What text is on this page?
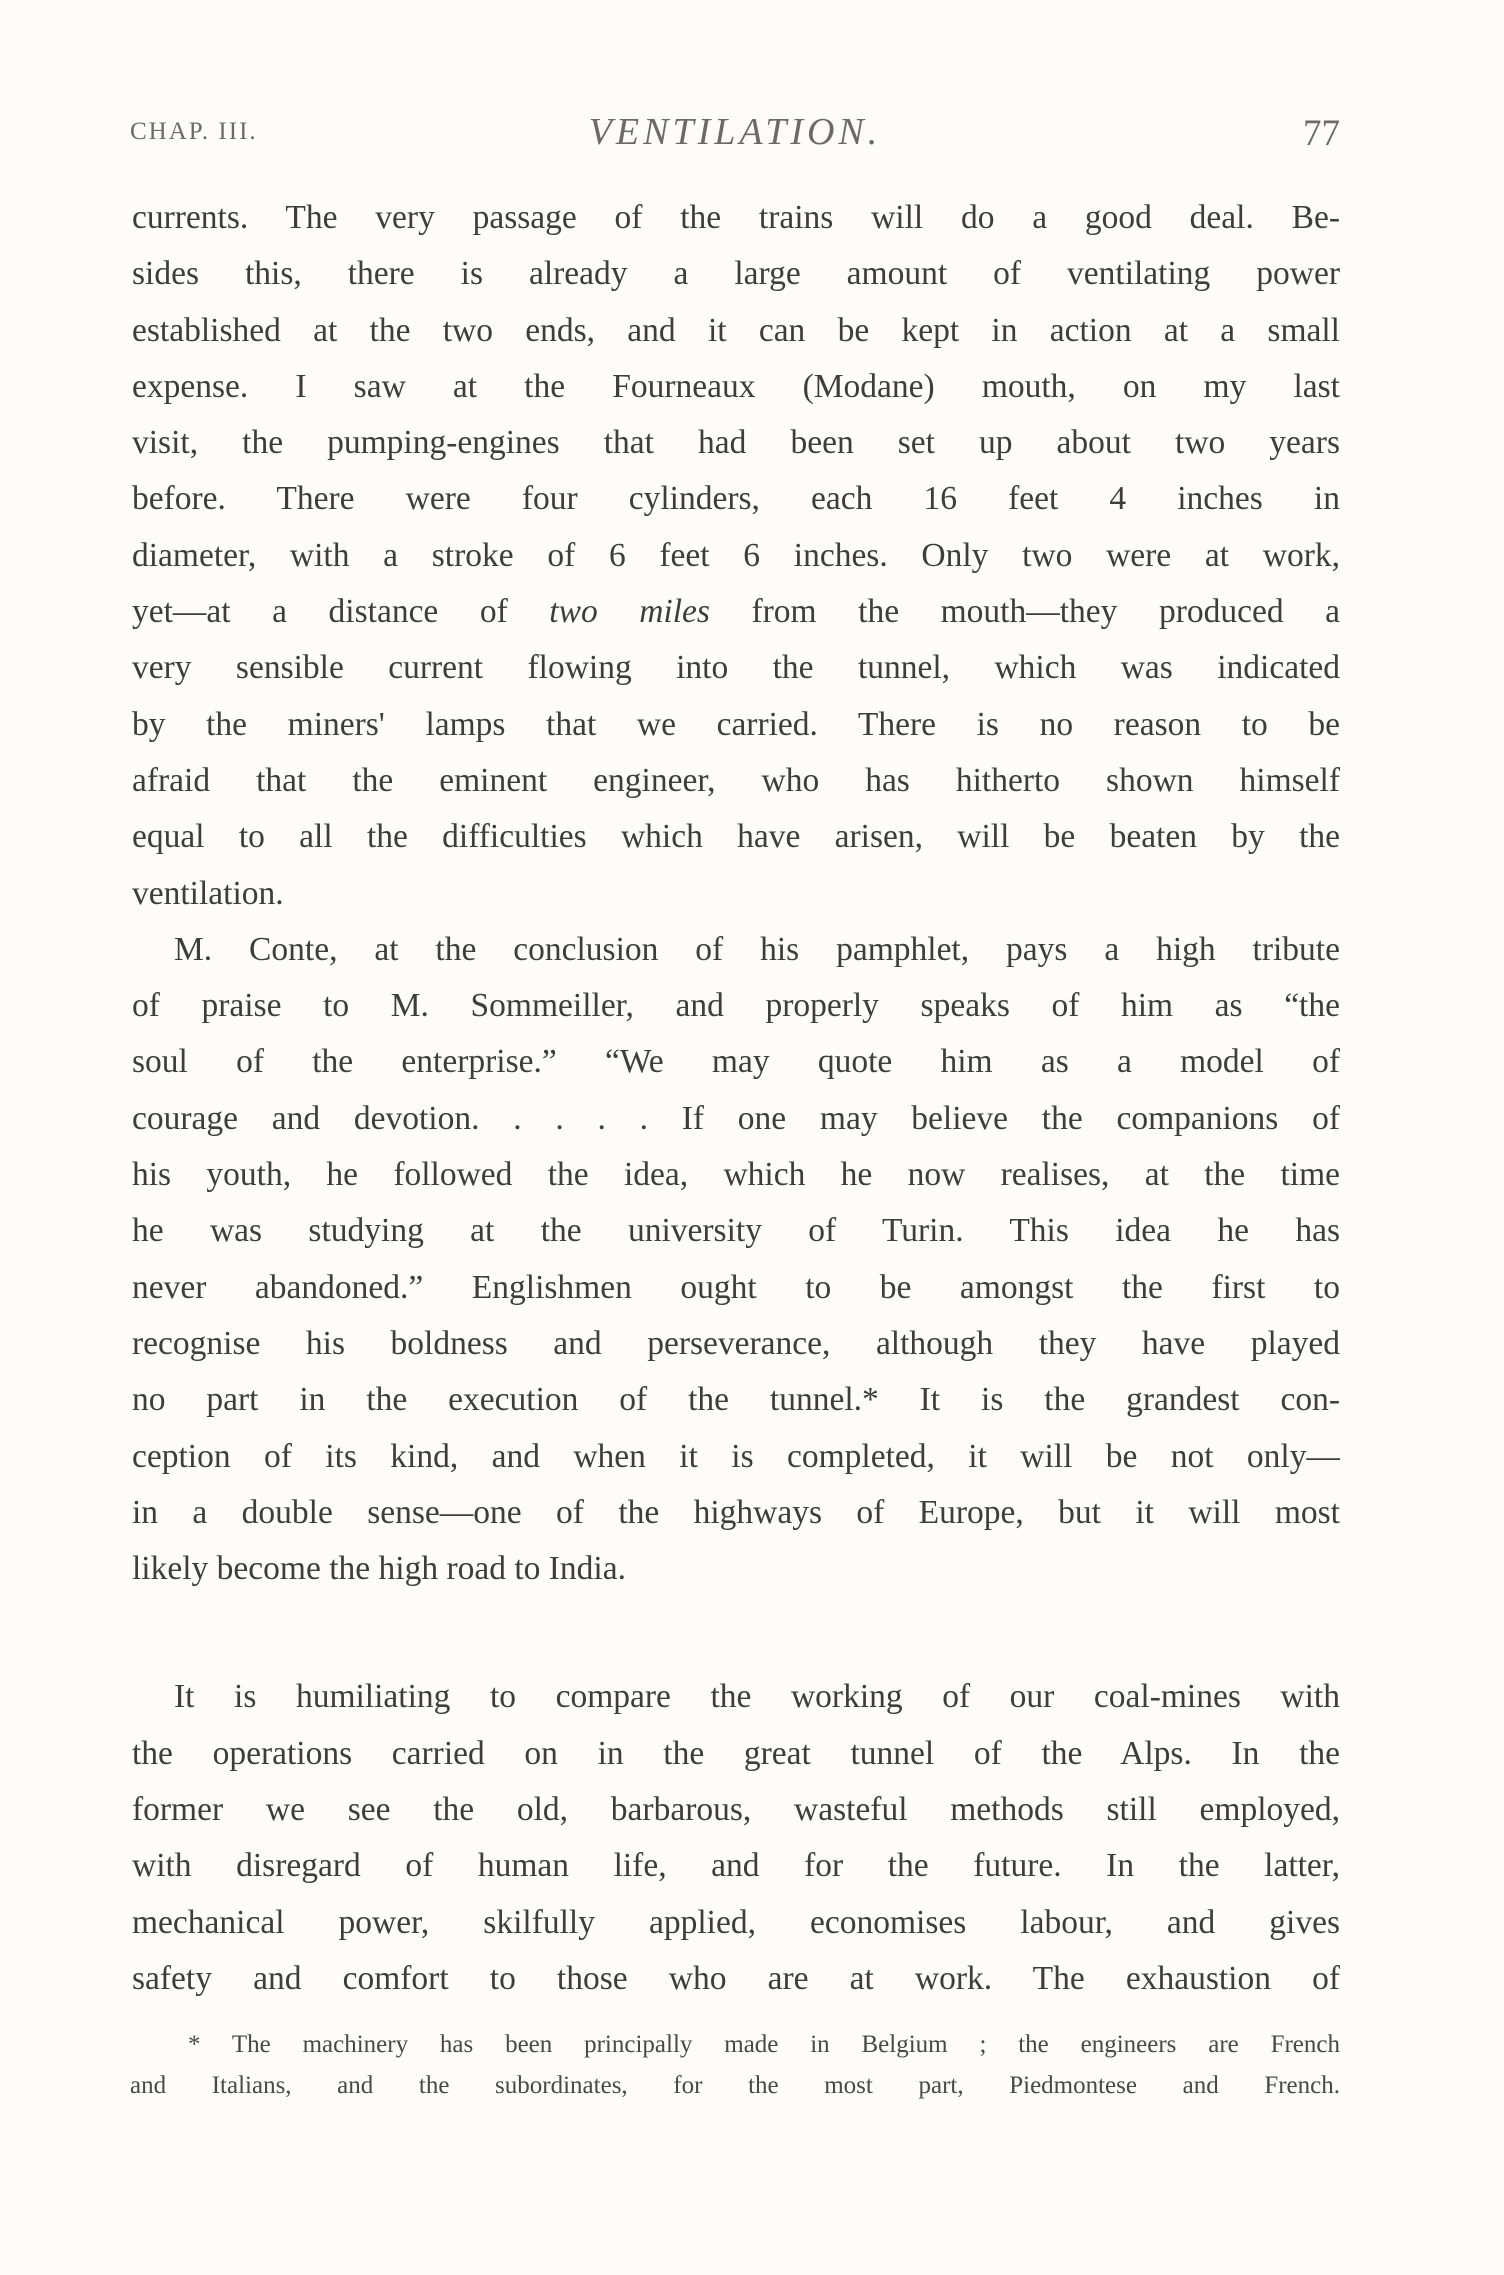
CHAP. III.	VENTILATION.	77
currents. The very passage of the trains will do a good deal. Be-
sides this, there is already a large amount of ventilating power
established at the two ends, and it can be kept in action at a small
expense. I saw at the Fourneaux (Modane) mouth, on my last
visit, the pumping-engines that had been set up about two years
before. There were four cylinders, each 16 feet 4 inches in
diameter, with a stroke of 6 feet 6 inches. Only two were at work,
yet—at a distance of two miles from the mouth—they produced a
very sensible current flowing into the tunnel, which was indicated
by the miners' lamps that we carried. There is no reason to be
afraid that the eminent engineer, who has hitherto shown himself
equal to all the difficulties which have arisen, will be beaten by the
ventilation.
M. Conte, at the conclusion of his pamphlet, pays a high tribute
of praise to M. Sommeiller, and properly speaks of him as “the
soul of the enterprise.” “We may quote him as a model of
courage and devotion. . . . . If one may believe the companions of
his youth, he followed the idea, which he now realises, at the time
he was studying at the university of Turin. This idea he has
never abandoned.” Englishmen ought to be amongst the first to
recognise his boldness and perseverance, although they have played
no part in the execution of the tunnel.* It is the grandest con-
ception of its kind, and when it is completed, it will be not only—
in a double sense—one of the highways of Europe, but it will most
likely become the high road to India.
It is humiliating to compare the working of our coal-mines with
the operations carried on in the great tunnel of the Alps. In the
former we see the old, barbarous, wasteful methods still employed,
with disregard of human life, and for the future. In the latter,
mechanical power, skilfully applied, economises labour, and gives
safety and comfort to those who are at work. The exhaustion of
* The machinery has been principally made in Belgium ; the engineers are French
and Italians, and the subordinates, for the most part, Piedmontese and French.
